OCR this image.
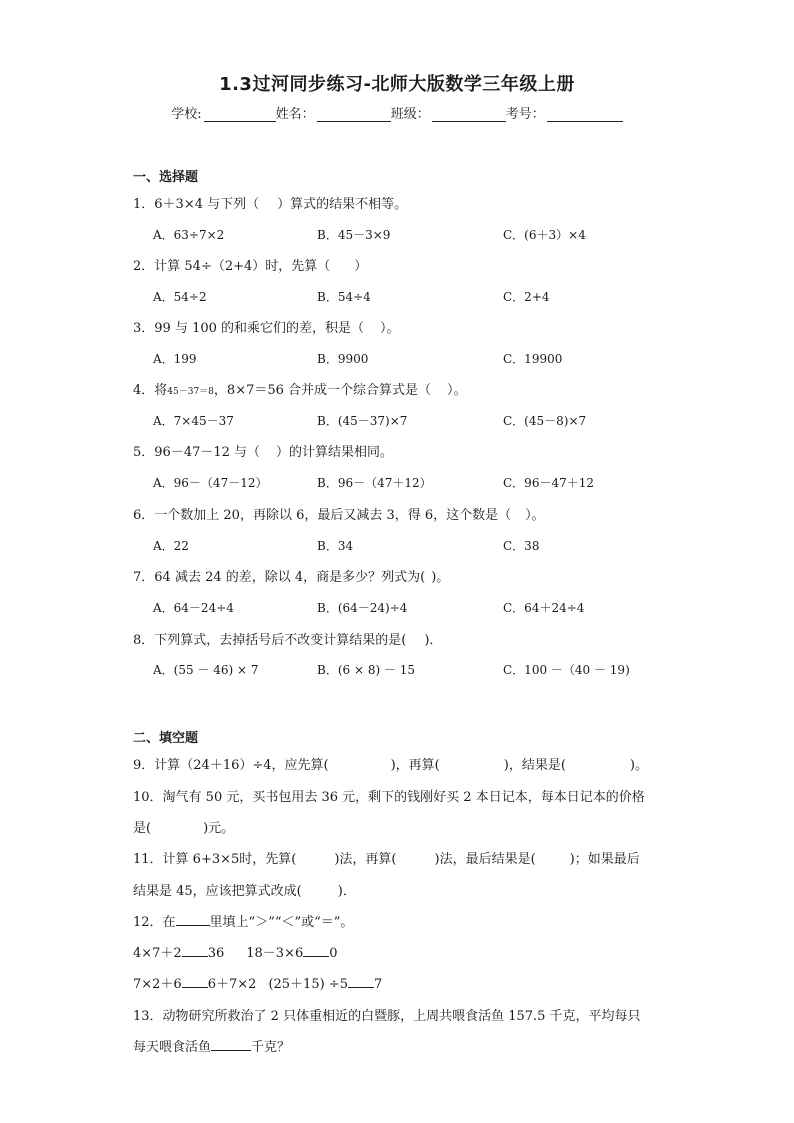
1.3过河同步练习-北师大版数学三年级上册
学校:	姓名：	班级：	考号：
一、选择题
1．6＋3×4 与下列（ ）算式的结果不相等。
A．63÷7×2	B．45－3×9	C．(6＋3）×4
2．计算 54÷（2+4）时，先算（ ）
A．54÷2	B．54÷4	C．2+4
3．99 与 100 的和乘它们的差，积是（ ）。
A．199	B．9900	C．19900
4．将45－37＝8，8×7＝56 合并成一个综合算式是（ ）。
A．7×45－37	B．(45－37)×7	C．(45－8)×7
5．96－47－12 与（ ）的计算结果相同。
A．96－（47－12）	B．96－（47＋12）	C．96－47＋12
6．一个数加上 20，再除以 6，最后又减去 3，得 6，这个数是（ ）。
A．22	B．34	C．38
7．64 减去 24 的差，除以 4，商是多少？列式为( )。
A．64－24÷4	B．(64－24)÷4	C．64＋24÷4
8．下列算式，去掉括号后不改变计算结果的是( )．
A．(55 － 46) × 7	B．(6 × 8) － 15	C．100 －（40 － 19)
二、填空题
9．计算（24＋16）÷4，应先算(	)，再算(	)，结果是(	)。
10．淘气有 50 元，买书包用去 36 元，剩下的钱刚好买 2 本日记本，每本日记本的价格
是(	)元。
11．计算 6+3×5时，先算(	)法，再算(	)法，最后结果是(	)；如果最后
结果是 45，应该把算式改成(	)．
12．在	里填上“＞”“＜”或“＝”。
4×7＋2 36 18－3×6 0
7×2＋6 6＋7×2 (25＋15) ÷5 7
13．动物研究所救治了 2 只体重相近的白暨豚，上周共喂食活鱼 157.5 千克，平均每只
每天喂食活鱼	千克？
